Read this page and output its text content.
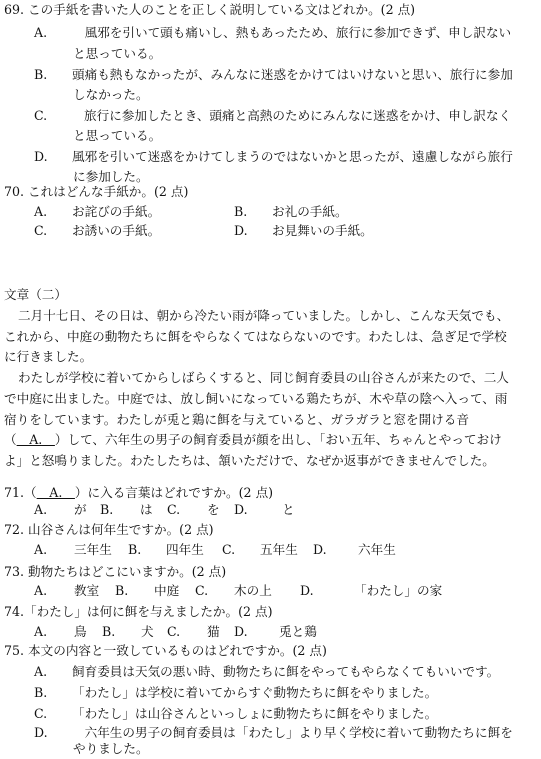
69. この手紙を書いた人のことを正しく説明している文はどれか。(2 点)
A. 　風邪を引いて頭も痛いし、熱もあったため、旅行に参加できず、申し訳ない
と思っている。
B. 頭痛も熱もなかったが、みんなに迷惑をかけてはいけないと思い、旅行に参加
しなかった。
C.	旅行に参加したとき、頭痛と高熱のためにみんなに迷惑をかけ、申し訳なく
と思っている。
D. 風邪を引いて迷惑をかけてしまうのではないかと思ったが、遠慮しながら旅行
に参加した。
70. これはどんな手紙か。(2 点)
A. お詫びの手紙。	B. お礼の手紙。
C. お誘いの手紙。	D. お見舞いの手紙。
文章（二）
二月十七日、その日は、朝から冷たい雨が降っていました。しかし、こんな天気でも、
これから、中庭の動物たちに餌をやらなくてはならないのです。わたしは、急ぎ足で学校
に行きました。
わたしが学校に着いてからしばらくすると、同じ飼育委員の山谷さんが来たので、二人
で中庭に出ました。中庭では、放し飼いになっている鶏たちが、木や草の陰へ入って、雨
宿りをしています。わたしが兎と鶏に餌を与えていると、ガラガラと窓を開ける音
（　A.　）して、六年生の男子の飼育委員が顔を出し、「おい五年、ちゃんとやっておけ
よ」と怒鳴りました。わたしたちは、頷いただけで、なぜか返事ができませんでした。
71.（　A.　）に入る言葉はどれですか。(2 点)
A. が B. は C. を D.	と
72. 山谷さんは何年生ですか。(2 点)
A. 三年生 B. 四年生 C. 五年生 D. 六年生
73. 動物たちはどこにいますか。(2 点)
A. 教室 B. 中庭 C. 木の上 D.	「わたし」の家
74.「わたし」は何に餌を与えましたか。(2 点)
A. 鳥 B. 犬 C. 猫 D. 兎と鶏
75. 本文の内容と一致しているものはどれですか。(2 点)
A. 飼育委員は天気の悪い時、動物たちに餌をやってもやらなくてもいいです。
B. 「わたし」は学校に着いてからすぐ動物たちに餌をやりました。
C. 「わたし」は山谷さんといっしょに動物たちに餌をやりました。
D. 　六年生の男子の飼育委員は「わたし」より早く学校に着いて動物たちに餌を
やりました。
